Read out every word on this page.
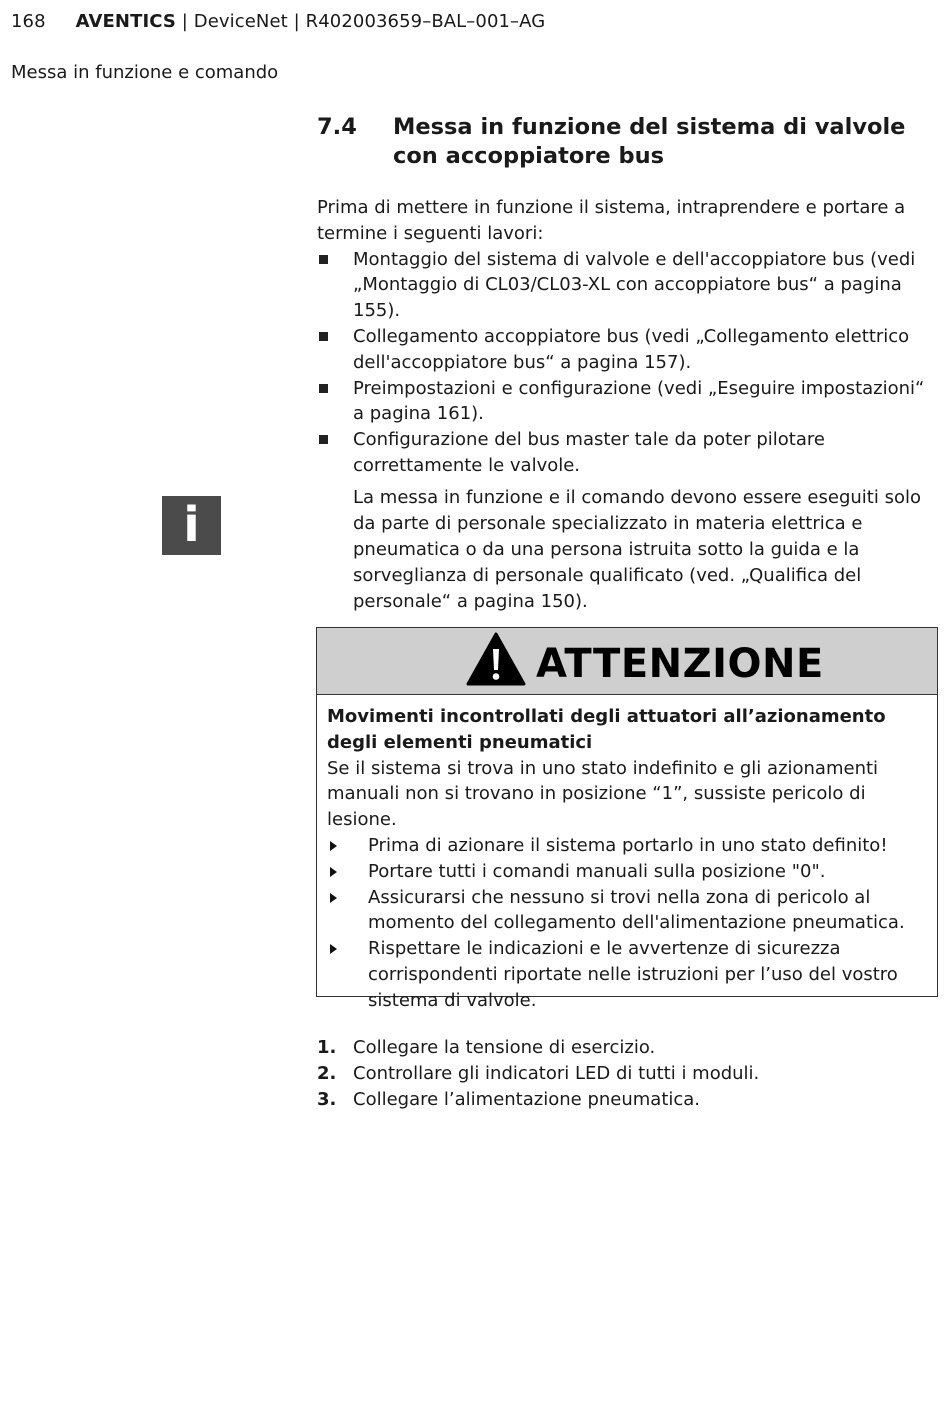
168 AVENTICS | DeviceNet | R402003659–BAL–001–AG
Messa in funzione e comando
7.4 Messa in funzione del sistema di valvole con accoppiatore bus
Prima di mettere in funzione il sistema, intraprendere e portare a termine i seguenti lavori:
Montaggio del sistema di valvole e dell'accoppiatore bus (vedi „Montaggio di CL03/CL03-XL con accoppiatore bus“ a pagina 155).
Collegamento accoppiatore bus (vedi „Collegamento elettrico dell'accoppiatore bus“ a pagina 157).
Preimpostazioni e configurazione (vedi „Eseguire impostazioni“ a pagina 161).
Configurazione del bus master tale da poter pilotare correttamente le valvole.
i	La messa in funzione e il comando devono essere eseguiti solo da parte di personale specializzato in materia elettrica e pneumatica o da una persona istruita sotto la guida e la sorveglianza di personale qualificato (ved. „Qualifica del personale“ a pagina 150).
ATTENZIONE
Movimenti incontrollati degli attuatori all’azionamento degli elementi pneumatici
Se il sistema si trova in uno stato indefinito e gli azionamenti manuali non si trovano in posizione “1”, sussiste pericolo di lesione.
Prima di azionare il sistema portarlo in uno stato definito!
Portare tutti i comandi manuali sulla posizione "0".
Assicurarsi che nessuno si trovi nella zona di pericolo al momento del collegamento dell'alimentazione pneumatica.
Rispettare le indicazioni e le avvertenze di sicurezza corrispondenti riportate nelle istruzioni per l’uso del vostro sistema di valvole.
1. Collegare la tensione di esercizio.
2. Controllare gli indicatori LED di tutti i moduli.
3. Collegare l’alimentazione pneumatica.
